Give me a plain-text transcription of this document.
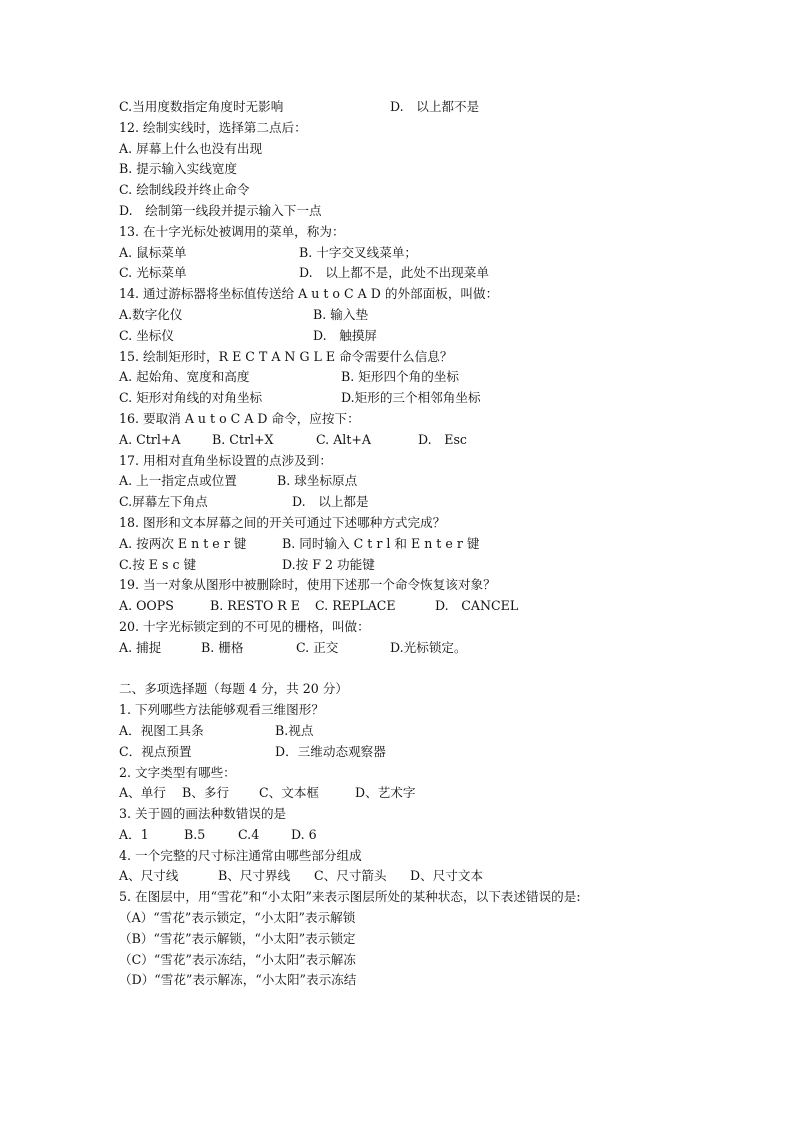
C.当用度数指定角度时无影响	D.　以上都不是
12. 绘制实线时，选择第二点后：
A. 屏幕上什么也没有出现
B. 提示输入实线宽度
C. 绘制线段并终止命令
D.　绘制第一线段并提示输入下一点
13. 在十字光标处被调用的菜单，称为：
A. 鼠标菜单	B. 十字交叉线菜单；
C. 光标菜单	D.　以上都不是，此处不出现菜单
14. 通过游标器将坐标值传送给 A u t o C A D 的外部面板，叫做：
A.数字化仪	B. 输入垫
C. 坐标仪	D.　触摸屏
15. 绘制矩形时，R E C T A N G L E 命令需要什么信息？
A. 起始角、宽度和高度	B. 矩形四个角的坐标
C. 矩形对角线的对角坐标	D.矩形的三个相邻角坐标
16. 要取消 A u t o C A D 命令，应按下：
A. Ctrl+A	B. Ctrl+X	C. Alt+A	D.　Esc
17. 用相对直角坐标设置的点涉及到：
A. 上一指定点或位置	B. 球坐标原点
C.屏幕左下角点	D.　以上都是
18. 图形和文本屏幕之间的开关可通过下述哪种方式完成？
A. 按两次 E n t e r 键	B. 同时输入 C t r l 和 E n t e r 键
C.按 E s c 键	D.按 F 2 功能键
19. 当一对象从图形中被删除时，使用下述那一个命令恢复该对象？
A. OOPS	B. RESTO R E C. REPLACE	D.　CANCEL
20. 十字光标锁定到的不可见的栅格，叫做：
A. 捕捉	B. 栅格	C. 正交	D.光标锁定。
二、多项选择题（每题 4 分，共 20 分）
1. 下列哪些方法能够观看三维图形？
A．视图工具条	B.视点
C．视点预置	D．三维动态观察器
2. 文字类型有哪些：
A、单行 B、多行 C、文本框	D、艺术字
3. 关于圆的画法种数错误的是
A．1	B.5	C.4	D. 6
4. 一个完整的尺寸标注通常由哪些部分组成
A、尺寸线	B、尺寸界线 C、尺寸箭头 D、尺寸文本
5. 在图层中，用“雪花”和“小太阳”来表示图层所处的某种状态，以下表述错误的是:
（A）“雪花”表示锁定，“小太阳”表示解锁
（B）“雪花”表示解锁，“小太阳”表示锁定
（C）“雪花”表示冻结，“小太阳”表示解冻
（D）“雪花”表示解冻，“小太阳”表示冻结
